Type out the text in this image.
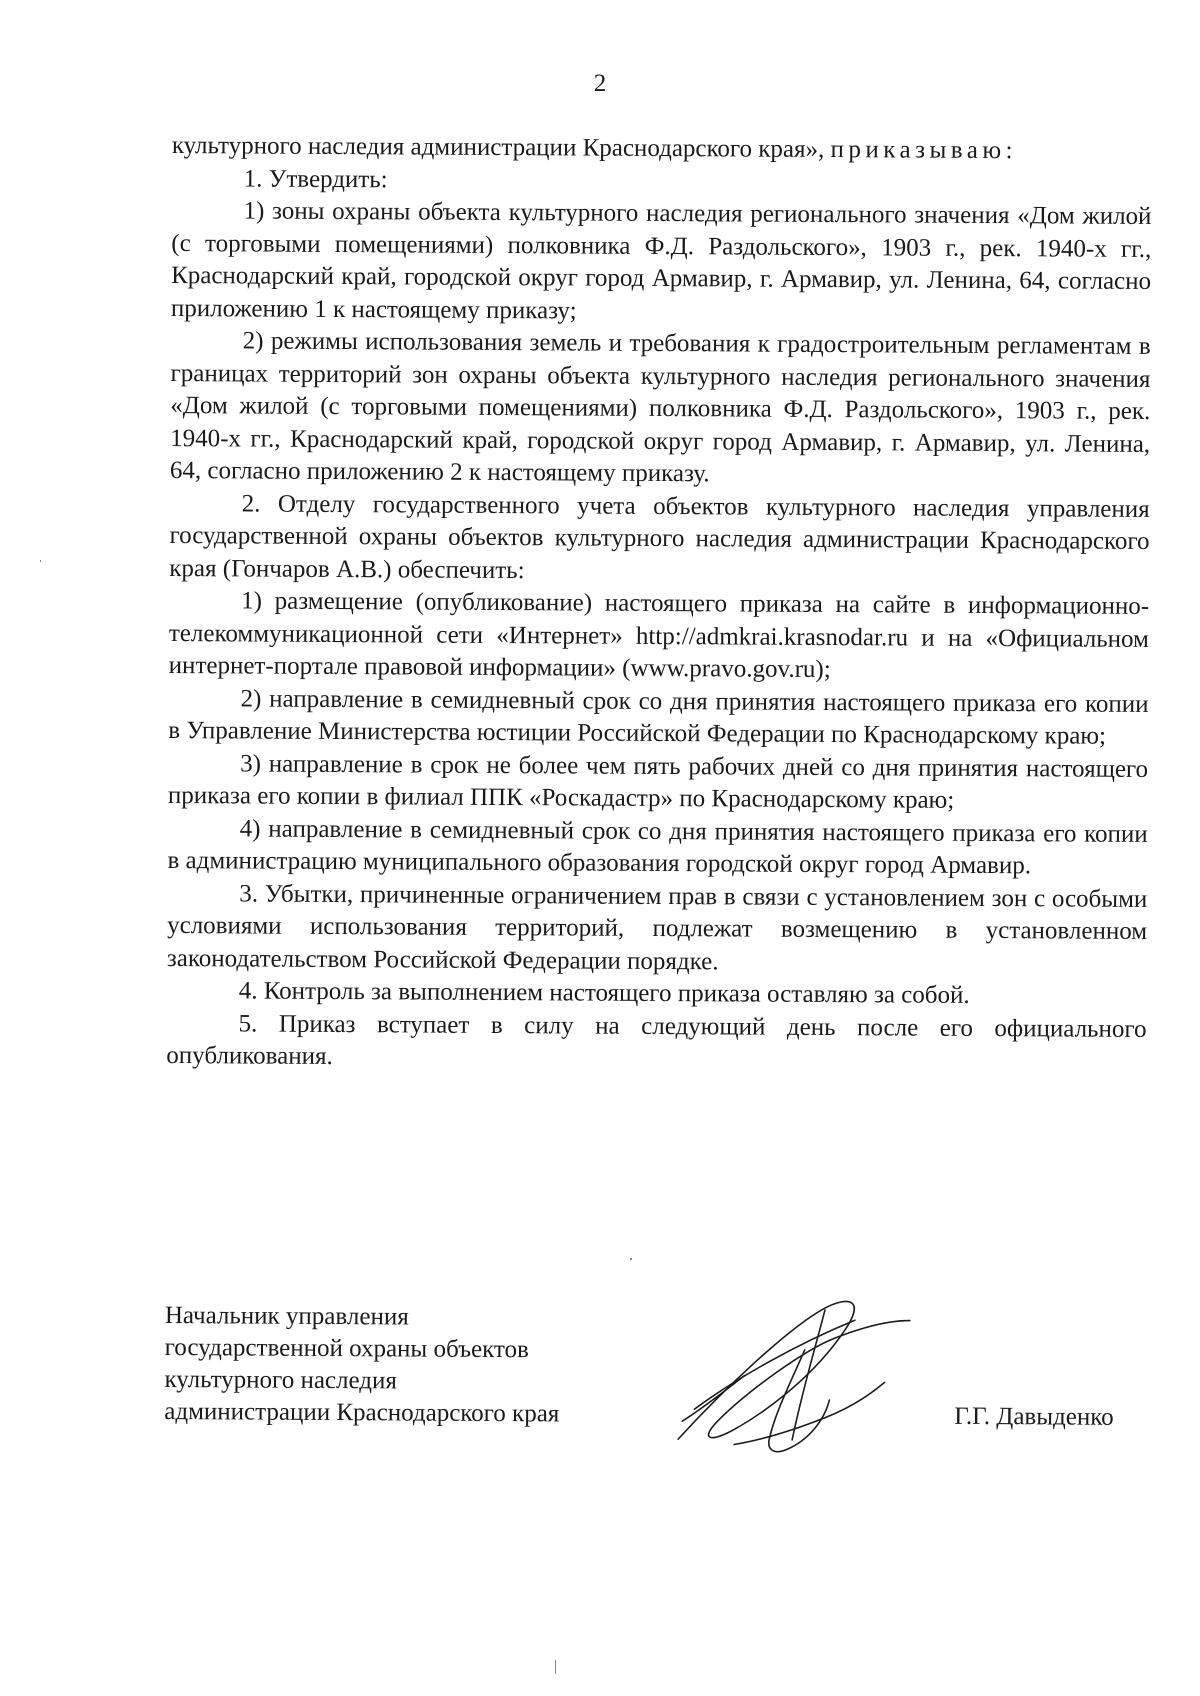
2

культурного наследия администрации Краснодарского края», приказываю:

1. Утвердить:

1) зоны охраны объекта культурного наследия регионального значения «Дом жилой (с торговыми помещениями) полковника Ф.Д. Раздольского», 1903 г., рек. 1940-х гг., Краснодарский край, городской округ город Армавир, г. Армавир, ул. Ленина, 64, согласно приложению 1 к настоящему приказу;

2) режимы использования земель и требования к градостроительным регламентам в границах территорий зон охраны объекта культурного наследия регионального значения «Дом жилой (с торговыми помещениями) полковника Ф.Д. Раздольского», 1903 г., рек. 1940-х гг., Краснодарский край, городской округ город Армавир, г. Армавир, ул. Ленина, 64, согласно приложению 2 к настоящему приказу.

2. Отделу государственного учета объектов культурного наследия управления государственной охраны объектов культурного наследия администрации Краснодарского края (Гончаров А.В.) обеспечить:

1) размещение (опубликование) настоящего приказа на сайте в информационно-телекоммуникационной сети «Интернет» http://admkrai.krasnodar.ru и на «Официальном интернет-портале правовой информации» (www.pravo.gov.ru);

2) направление в семидневный срок со дня принятия настоящего приказа его копии в Управление Министерства юстиции Российской Федерации по Краснодарскому краю;

3) направление в срок не более чем пять рабочих дней со дня принятия настоящего приказа его копии в филиал ППК «Роскадастр» по Краснодарскому краю;

4) направление в семидневный срок со дня принятия настоящего приказа его копии в администрацию муниципального образования городской округ город Армавир.

3. Убытки, причиненные ограничением прав в связи с установлением зон с особыми условиями использования территорий, подлежат возмещению в установленном законодательством Российской Федерации порядке.

4. Контроль за выполнением настоящего приказа оставляю за собой.

5. Приказ вступает в силу на следующий день после его официального опубликования.

Начальник управления
государственной охраны объектов
культурного наследия
администрации Краснодарского края	Г.Г. Давыденко
